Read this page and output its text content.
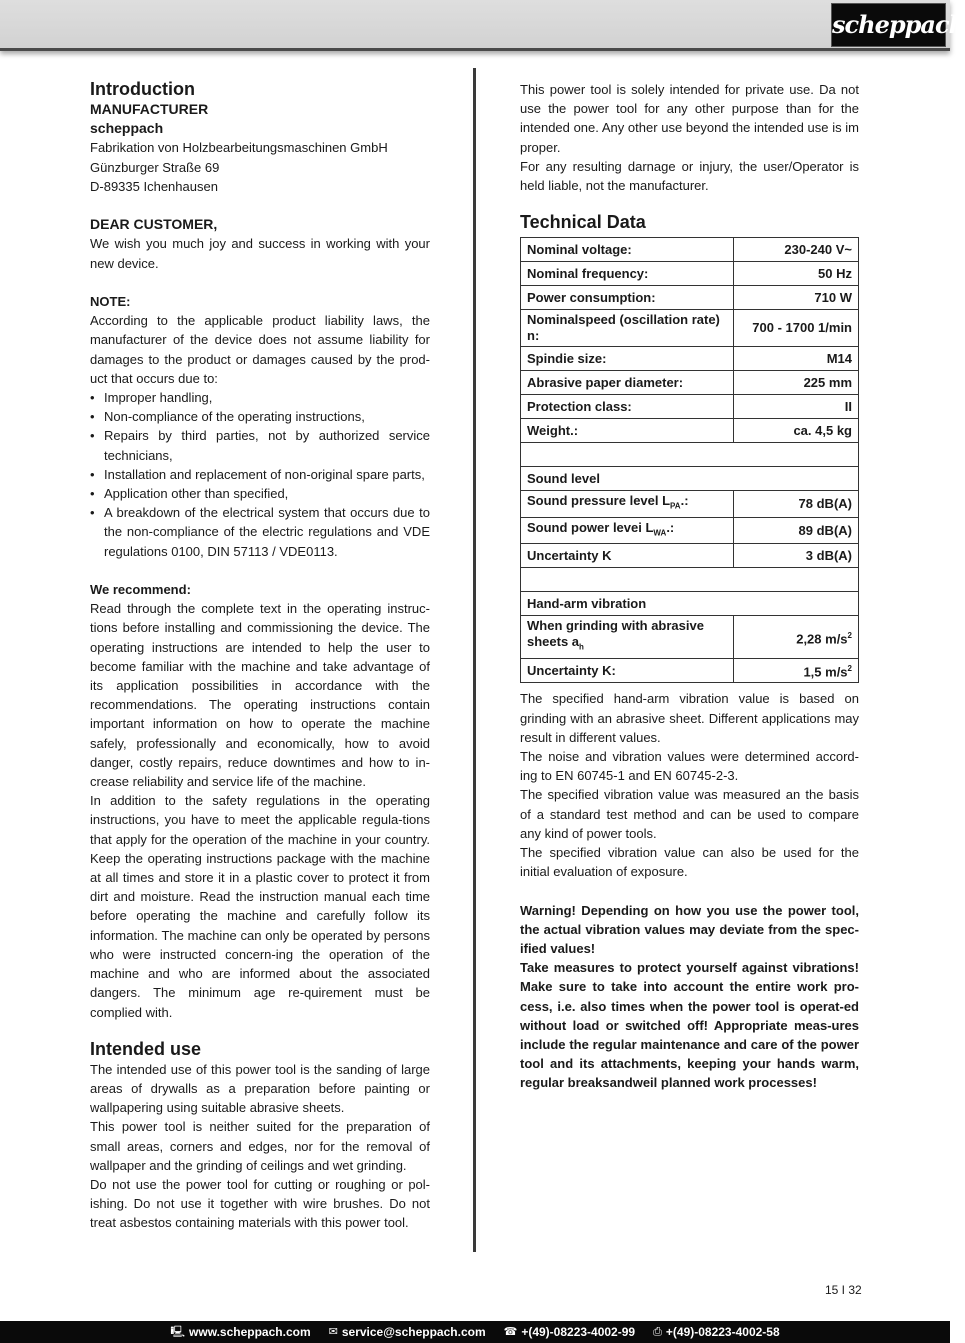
scheppach
Introduction
MANUFACTURER
scheppach
Fabrikation von Holzbearbeitungsmaschinen GmbH
Günzburger Straße 69
D-89335 Ichenhausen
DEAR CUSTOMER,
We wish you much joy and success in working with your new device.
NOTE:
According to the applicable product liability laws, the manufacturer of the device does not assume liability for damages to the product or damages caused by the prod-uct that occurs due to:
• Improper handling,
• Non-compliance of the operating instructions,
• Repairs by third parties, not by authorized service technicians,
• Installation and replacement of non-original spare parts,
• Application other than specified,
• A breakdown of the electrical system that occurs due to the non-compliance of the electric regulations and VDE regulations 0100, DIN 57113 / VDE0113.
We recommend:
Read through the complete text in the operating instruc-tions before installing and commissioning the device. The operating instructions are intended to help the user to become familiar with the machine and take advantage of its application possibilities in accordance with the recommendations. The operating instructions contain important information on how to operate the machine safely, professionally and economically, how to avoid danger, costly repairs, reduce downtimes and how to in-crease reliability and service life of the machine.
In addition to the safety regulations in the operating instructions, you have to meet the applicable regula-tions that apply for the operation of the machine in your country. Keep the operating instructions package with the machine at all times and store it in a plastic cover to protect it from dirt and moisture. Read the instruction manual each time before operating the machine and carefully follow its information. The machine can only be operated by persons who were instructed concern-ing the operation of the machine and who are informed about the associated dangers. The minimum age re-quirement must be complied with.
Intended use
The intended use of this power tool is the sanding of large areas of drywalls as a preparation before painting or wallpapering using suitable abrasive sheets.
This power tool is neither suited for the preparation of small areas, corners and edges, nor for the removal of wallpaper and the grinding of ceilings and wet grinding.
Do not use the power tool for cutting or roughing or pol-ishing. Do not use it together with wire brushes. Do not treat asbestos containing materials with this power tool.
This power tool is solely intended for private use. Da not use the power tool for any other purpose than for the intended one. Any other use beyond the intended use is im proper.
For any resulting darnage or injury, the user/Operator is held liable, not the manufacturer.
Technical Data
Nominal voltage:	230-240 V~
Nominal frequency:	50 Hz
Power consumption:	710 W
Nominalspeed (oscillation rate) n:	700 - 1700 1/min
Spindie size:	M14
Abrasive paper diameter:	225 mm
Protection class:	II
Weight.:	ca. 4,5 kg

Sound level	
Sound pressure level $L_{PA}$.:	78 dB(A)
Sound power levei $L_{WA}$.:	89 dB(A)
Uncertainty K	3 dB(A)

Hand-arm vibration	
When grinding with abrasive sheets $a_h$	2,28 $m/s^2$
Uncertainty K:	1,5 $m/s^2$
The specified hand-arm vibration value is based on grinding with an abrasive sheet. Different applications may result in different values.
The noise and vibration values were determined accord-ing to EN 60745-1 and EN 60745-2-3.
The specified vibration value was measured an the basis of a standard test method and can be used to compare any kind of power tools.
The specified vibration value can also be used for the initial evaluation of exposure.
Warning! Depending on how you use the power tool, the actual vibration values may deviate from the spec-ified values!
Take measures to protect yourself against vibrations! Make sure to take into account the entire work pro-cess, i.e. also times when the power tool is operat-ed without load or switched off! Appropriate meas-ures include the regular maintenance and care of the power tool and its attachments, keeping your hands warm, regular breaksandweil planned work processes!
15 I 32
🖳 www.scheppach.com ✉ service@scheppach.com ☎ +(49)-08223-4002-99 ⎙ +(49)-08223-4002-58
